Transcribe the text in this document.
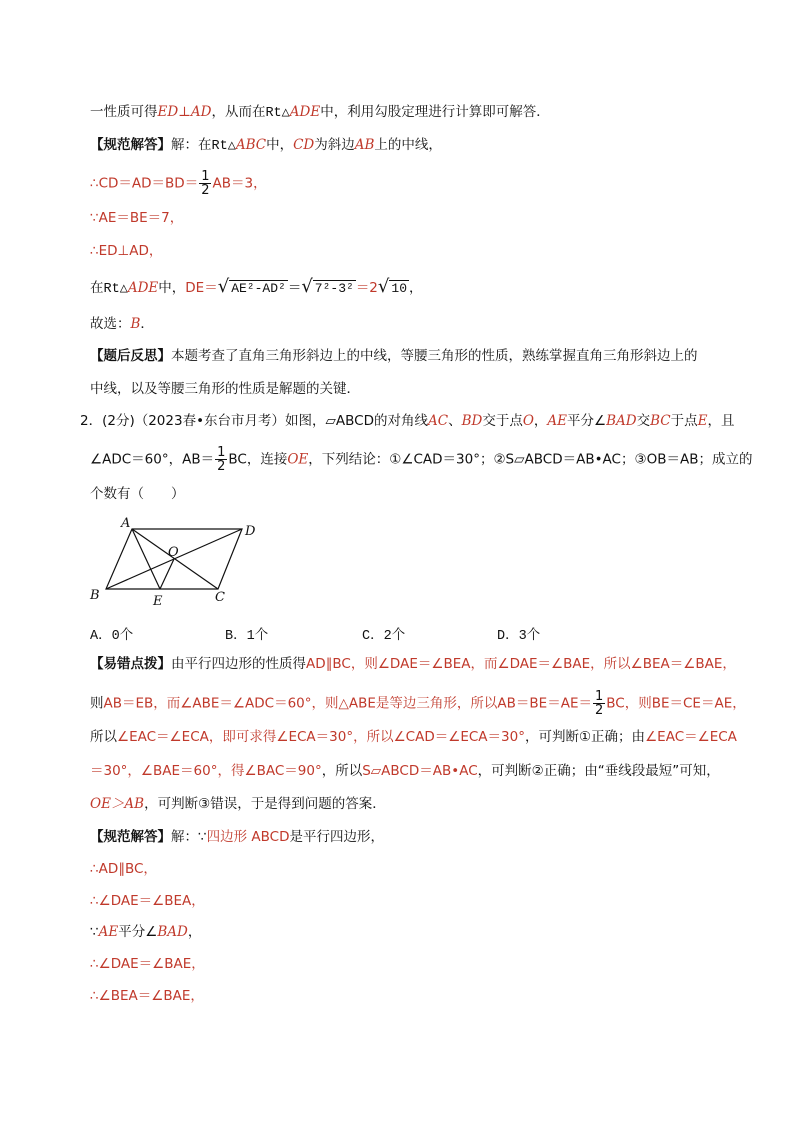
一性质可得ED⊥AD，从而在Rt△ADE中，利用勾股定理进行计算即可解答．
【规范解答】解：在Rt△ABC中，CD为斜边AB上的中线，
∴CD＝AD＝BD＝ $\frac{1}{2} AB=3$，
∵AE＝BE＝7，
∴ED⊥AD，
在Rt△ADE中，DE＝√ AE²-AD² ＝√ 7²-3² ＝2√ 10 ，
故选：B．
【题后反思】本题考查了直角三角形斜边上的中线，等腰三角形的性质，熟练掌握直角三角形斜边上的
中线，以及等腰三角形的性质是解题的关键．
2．(2分)（2023春•东台市月考）如图，▱ABCD的对角线AC、BD交于点O，AE平分∠BAD交BC于点E，且
∠ADC＝60°，$AB= \frac{1}{2}$ BC，连接OE，下列结论：①∠CAD＝30°；②S▱ABCD＝AB•AC；③OB＝AB；成立的
个数有（　　）
A
D
B	C
E
O
A．0个	B．1个	C．2个	D．3个
【易错点拨】由平行四边形的性质得AD∥BC，则∠DAE＝∠BEA，而∠DAE＝∠BAE，所以∠BEA＝∠BAE，
则AB＝EB，而∠ABE＝∠ADC＝60°，则△ABE是等边三角形，所以$AB=BE=AE= \frac{1}{2}$ BC，则BE＝CE＝AE，
所以∠EAC＝∠ECA，即可求得∠ECA＝30°，所以∠CAD＝∠ECA＝30°，可判断①正确；由∠EAC＝∠ECA
＝30°，∠BAE＝60°，得∠BAC＝90°，所以S▱ABCD＝AB•AC，可判断②正确；由“垂线段最短”可知，
OE＞AB，可判断③错误，于是得到问题的答案．
【规范解答】解：∵四边形 ABCD是平行四边形，
∴AD∥BC，
∴∠DAE＝∠BEA，
∵AE平分∠BAD，
∴∠DAE＝∠BAE，
∴∠BEA＝∠BAE，
